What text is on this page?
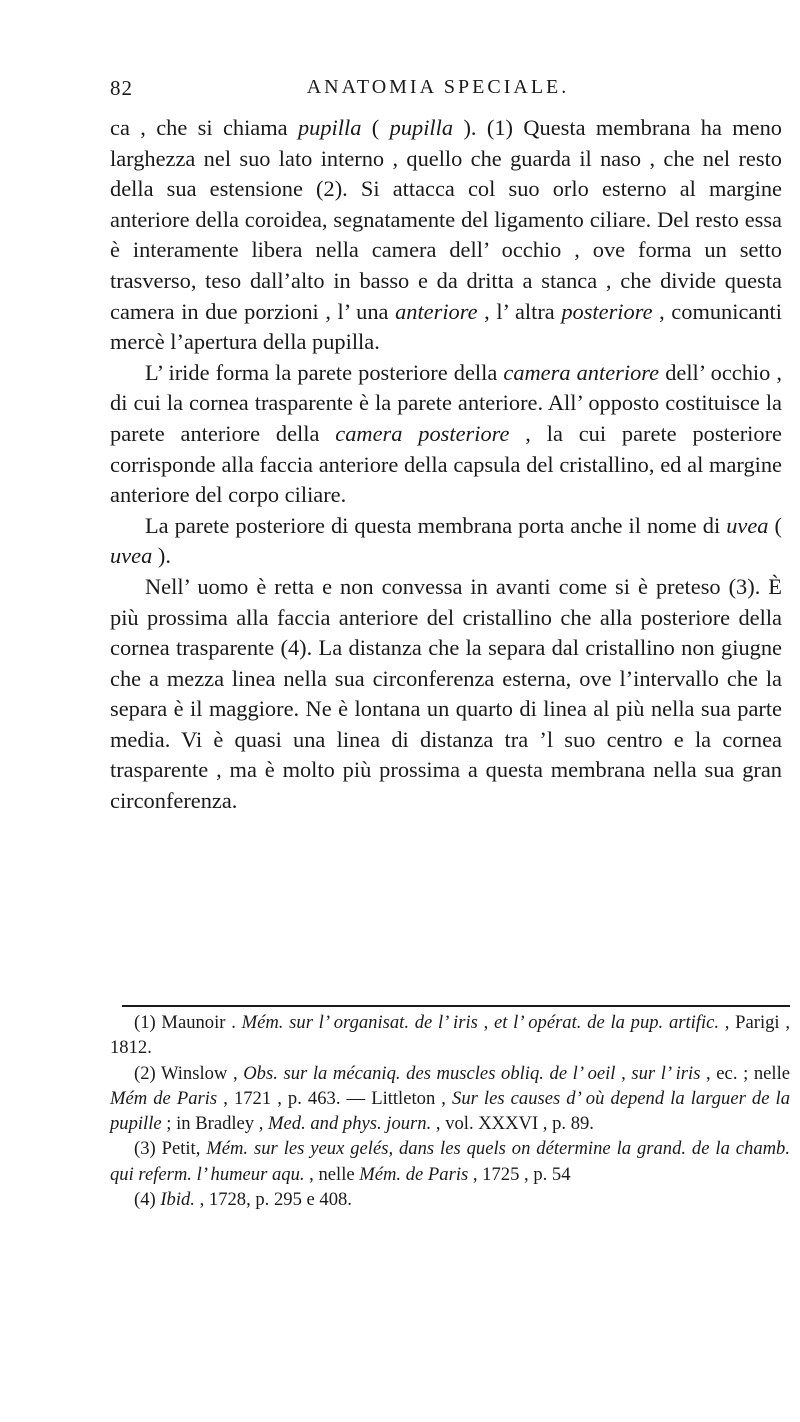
82	ANATOMIA SPECIALE.

ca , che si chiama pupilla ( pupilla ). (1) Questa membrana ha meno larghezza nel suo lato interno , quello che guarda il naso , che nel resto della sua estensione (2). Si attacca col suo orlo esterno al margine anteriore della coroidea, segnatamente del ligamento ciliare. Del resto essa è interamente libera nella camera dell’ occhio , ove forma un setto trasverso, teso dall’alto in basso e da dritta a stanca , che divide questa camera in due porzioni , l’ una anteriore , l’ altra posteriore , comunicanti mercè l’apertura della pupilla.

L’ iride forma la parete posteriore della camera anteriore dell’ occhio , di cui la cornea trasparente è la parete anteriore. All’ opposto costituisce la parete anteriore della camera posteriore , la cui parete posteriore corrisponde alla faccia anteriore della capsula del cristallino, ed al margine anteriore del corpo ciliare.

La parete posteriore di questa membrana porta anche il nome di uvea ( uvea ).

Nell’ uomo è retta e non convessa in avanti come si è preteso (3). È più prossima alla faccia anteriore del cristallino che alla posteriore della cornea trasparente (4). La distanza che la separa dal cristallino non giugne che a mezza linea nella sua circonferenza esterna, ove l’intervallo che la separa è il maggiore. Ne è lontana un quarto di linea al più nella sua parte media. Vi è quasi una linea di distanza tra ’l suo centro e la cornea trasparente , ma è molto più prossima a questa membrana nella sua gran circonferenza.

(1) Maunoir . Mém. sur l’ organisat. de l’ iris , et l’ opérat. de la pup. artific. , Parigi , 1812.

(2) Winslow , Obs. sur la mécaniq. des muscles obliq. de l’ oeil , sur l’ iris , ec. ; nelle Mém de Paris , 1721 , p. 463. — Littleton , Sur les causes d’ où depend la larguer de la pupille ; in Bradley , Med. and phys. journ. , vol. XXXVI , p. 89.

(3) Petit, Mém. sur les yeux gelés, dans les quels on détermine la grand. de la chamb. qui referm. l’ humeur aqu. , nelle Mém. de Paris , 1725 , p. 54

(4) Ibid. , 1728, p. 295 e 408.
